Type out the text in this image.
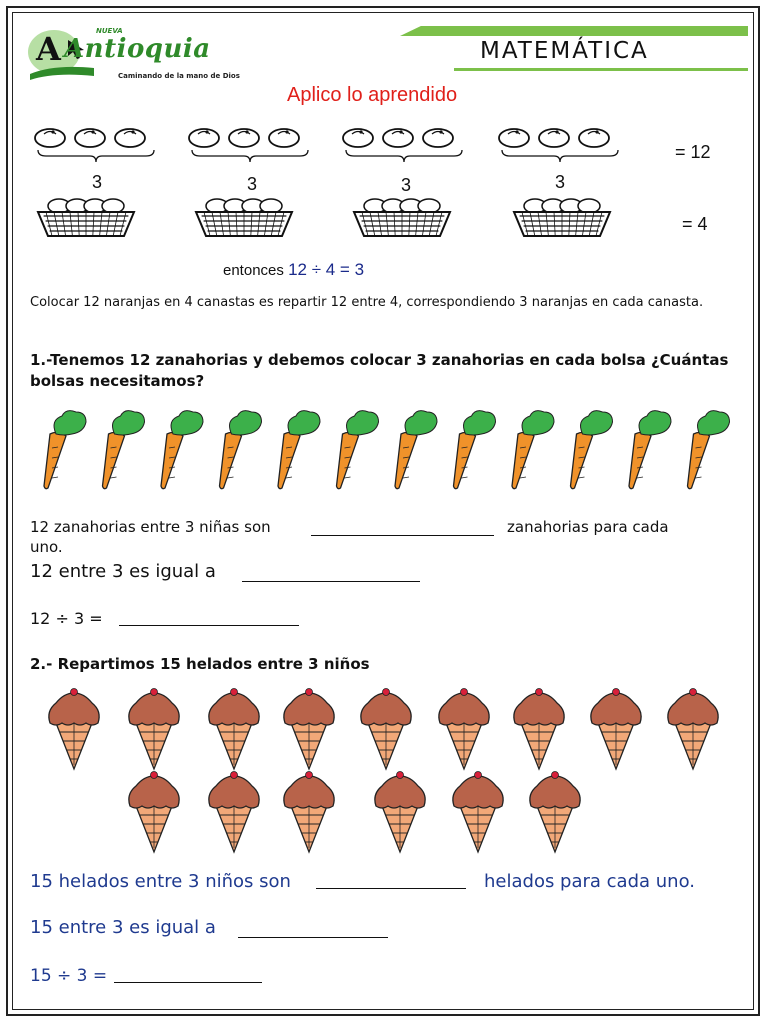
A	NUEVA
Antioquia
Caminando de la mano de Dios
MATEMÁTICA
Aplico lo aprendido
3	3	3	3
= 12
= 4
entonces 12 ÷ 4 = 3
Colocar 12 naranjas en 4 canastas es repartir 12 entre 4, correspondiendo 3 naranjas en cada canasta.
1.-Tenemos 12 zanahorias y debemos colocar 3 zanahorias en cada bolsa ¿Cuántas bolsas necesitamos?
12 zanahorias entre 3 niñas son	zanahorias para cada
uno.
12 entre 3 es igual a
12 ÷ 3 =
2.- Repartimos 15 helados entre 3 niños
15 helados entre 3 niños son	helados para cada uno.
15 entre 3 es igual a
15 ÷ 3 =
